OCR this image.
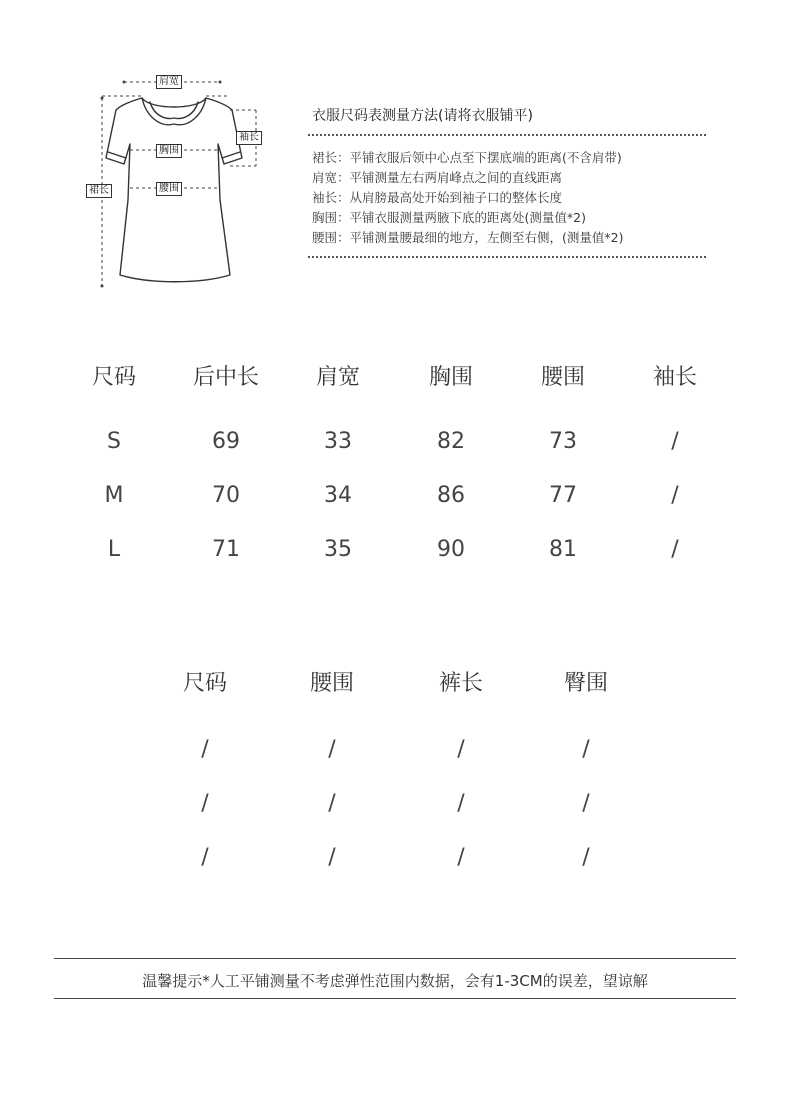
肩宽
袖长
胸围
裙长	腰围
衣服尺码表测量方法(请将衣服铺平)
裙长：平铺衣服后领中心点至下摆底端的距离(不含肩带)
肩宽：平铺测量左右两肩峰点之间的直线距离
袖长：从肩膀最高处开始到袖子口的整体长度
胸围：平铺衣服测量两腋下底的距离处(测量值*2)
腰围：平铺测量腰最细的地方，左侧至右侧，(测量值*2)
尺码	后中长	肩宽	胸围	腰围	袖长
S	69	33	82	73	/
M	70	34	86	77	/
L	71	35	90	81	/
尺码	腰围	裤长	臀围
/	/	/	/
/	/	/	/
/	/	/	/
温馨提示*人工平铺测量不考虑弹性范围内数据，会有1-3CM的误差，望谅解
